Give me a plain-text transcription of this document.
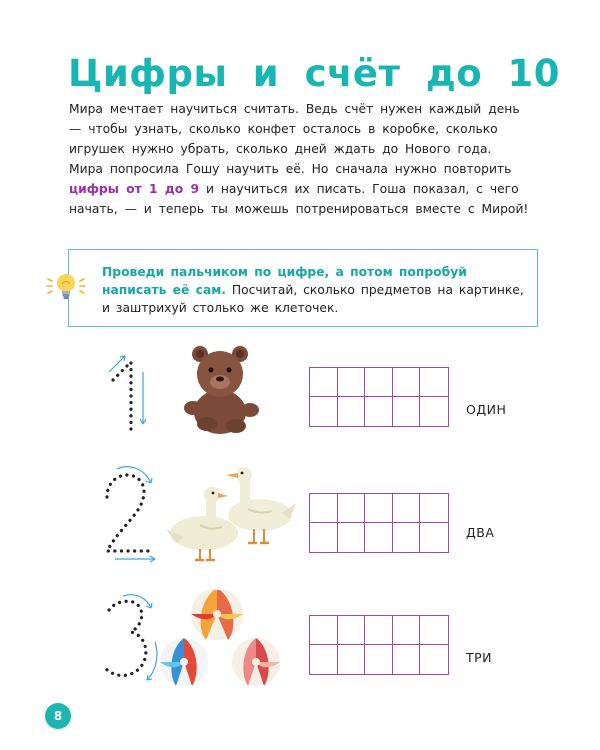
Цифры и счёт до 10

Мира мечтает научиться считать. Ведь счёт нужен каждый день — чтобы узнать, сколько конфет осталось в коробке, сколько игрушек нужно убрать, сколько дней ждать до Нового года. Мира попросила Гошу научить её. Но сначала нужно повторить цифры от 1 до 9 и научиться их писать. Гоша показал, с чего начать, — и теперь ты можешь потренироваться вместе с Мирой!

Проведи пальчиком по цифре, а потом попробуй написать её сам. Посчитай, сколько предметов на картинке, и заштрихуй столько же клеточек.

ОДИН
ДВА
ТРИ
8
